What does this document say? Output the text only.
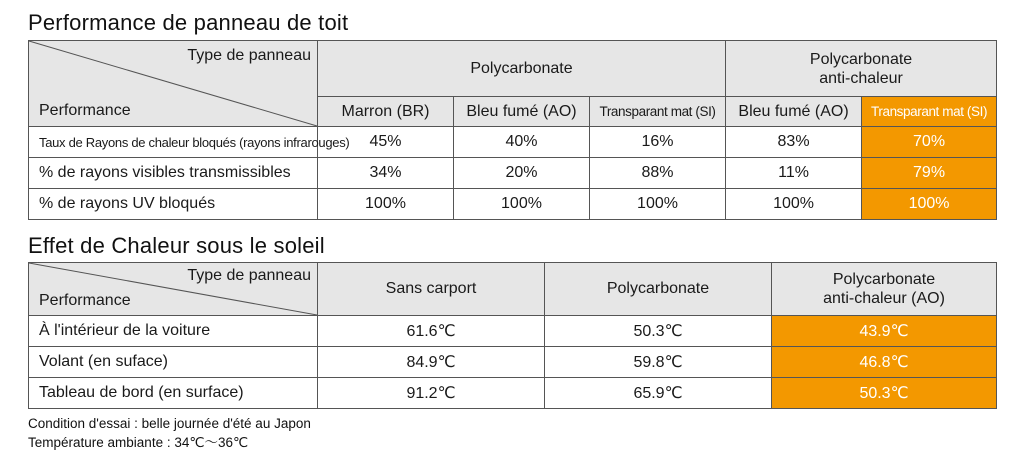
Performance de panneau de toit
Type de panneau
Performance	Polycarbonate			Polycarbonate
anti-chaleur	
	Marron (BR)	Bleu fumé (AO)	Transparant mat (SI)	Bleu fumé (AO)	Transparant mat (SI)
Taux de Rayons de chaleur bloqués (rayons infrarouges)	45%	40%	16%	83%	70%
% de rayons visibles transmissibles	34%	20%	88%	11%	79%
% de rayons UV bloqués	100%	100%	100%	100%	100%
Effet de Chaleur sous le soleil
Type de panneau
Performance	Sans carport	Polycarbonate	Polycarbonate
anti-chaleur (AO)
À l'intérieur de la voiture	61.6℃	50.3℃	43.9℃
Volant (en suface)	84.9℃	59.8℃	46.8℃
Tableau de bord (en surface)	91.2℃	65.9℃	50.3℃
Condition d'essai : belle journée d'été au Japon
Température ambiante : 34℃～36℃
